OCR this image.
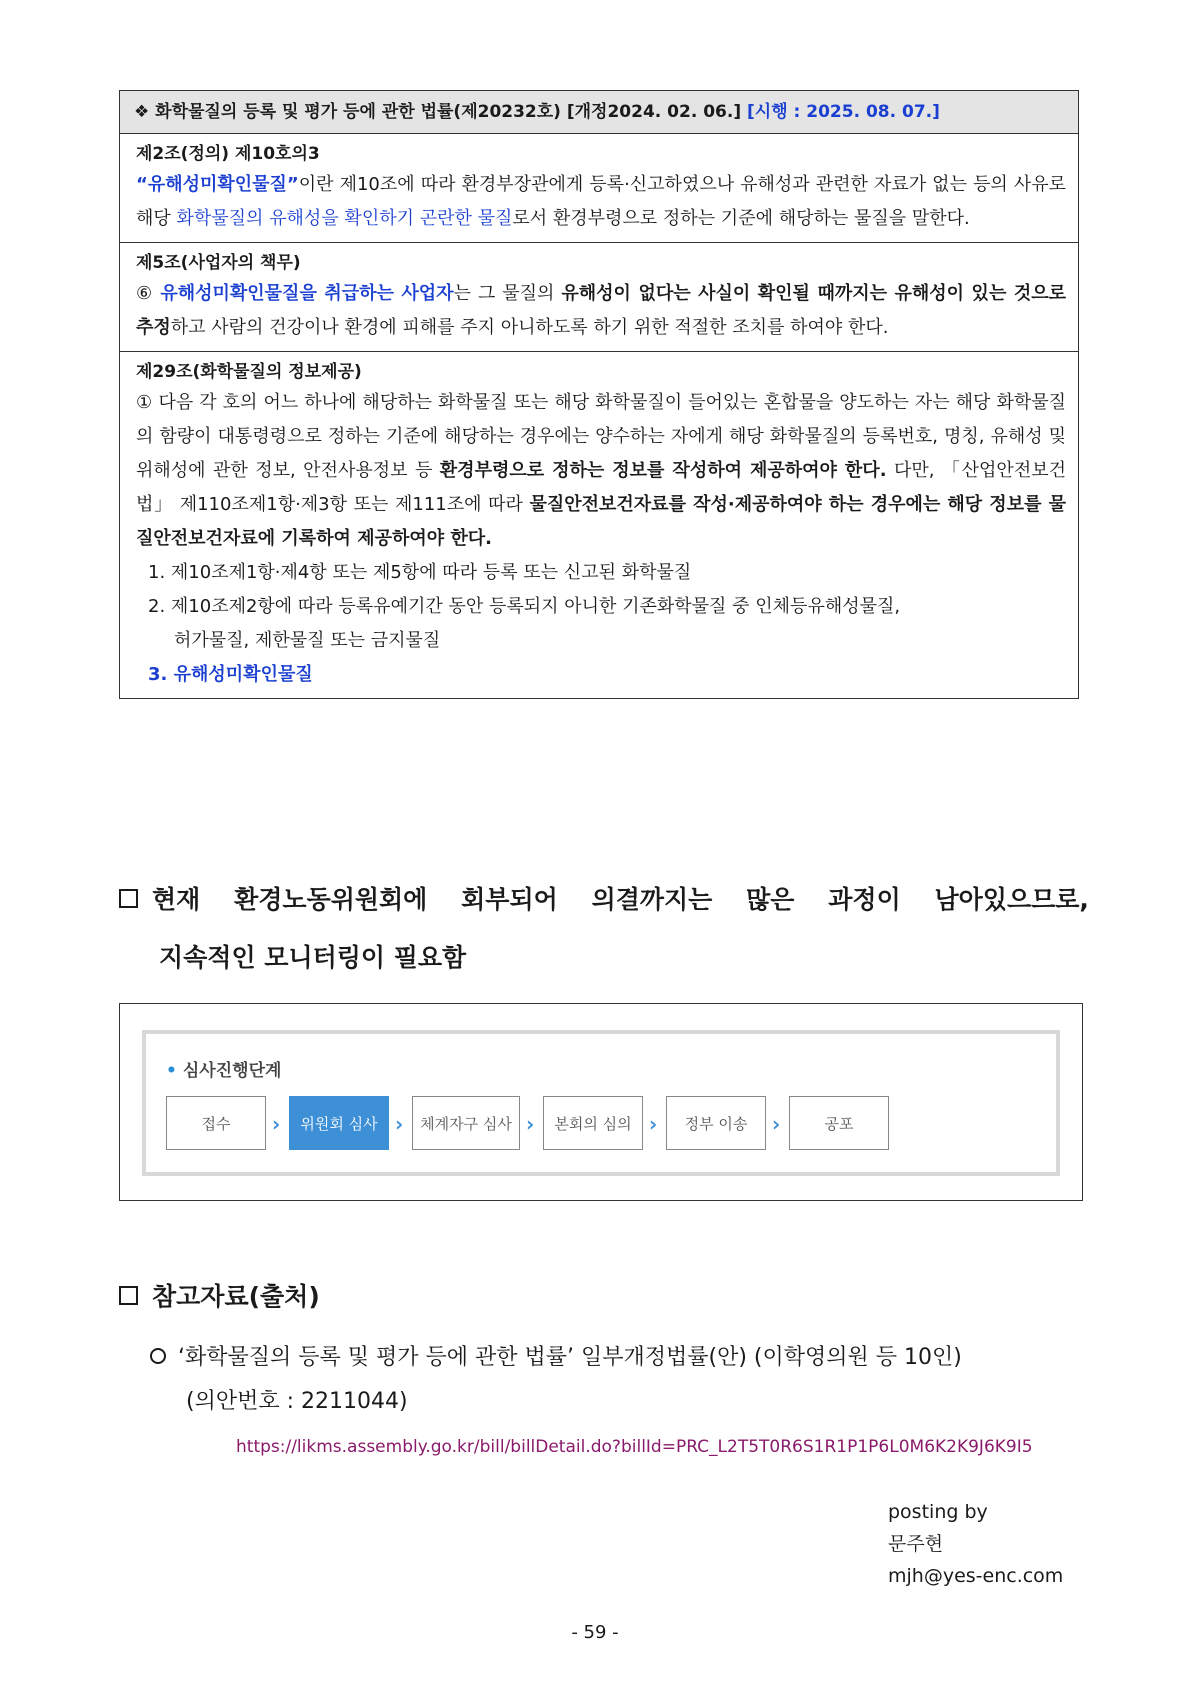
❖ 화학물질의 등록 및 평가 등에 관한 법률(제20232호) [개정2024. 02. 06.] [시행 : 2025. 08. 07.]
제2조(정의) 제10호의3
“유해성미확인물질”이란 제10조에 따라 환경부장관에게 등록·신고하였으나 유해성과 관련한 자료가 없는 등의 사유로 해당 화학물질의 유해성을 확인하기 곤란한 물질로서 환경부령으로 정하는 기준에 해당하는 물질을 말한다.
제5조(사업자의 책무)
⑥ 유해성미확인물질을 취급하는 사업자는 그 물질의 유해성이 없다는 사실이 확인될 때까지는 유해성이 있는 것으로 추정하고 사람의 건강이나 환경에 피해를 주지 아니하도록 하기 위한 적절한 조치를 하여야 한다.
제29조(화학물질의 정보제공)
① 다음 각 호의 어느 하나에 해당하는 화학물질 또는 해당 화학물질이 들어있는 혼합물을 양도하는 자는 해당 화학물질의 함량이 대통령령으로 정하는 기준에 해당하는 경우에는 양수하는 자에게 해당 화학물질의 등록번호, 명칭, 유해성 및 위해성에 관한 정보, 안전사용정보 등 환경부령으로 정하는 정보를 작성하여 제공하여야 한다. 다만, 「산업안전보건법」 제110조제1항·제3항 또는 제111조에 따라 물질안전보건자료를 작성·제공하여야 하는 경우에는 해당 정보를 물질안전보건자료에 기록하여 제공하여야 한다.
1. 제10조제1항·제4항 또는 제5항에 따라 등록 또는 신고된 화학물질
2. 제10조제2항에 따라 등록유예기간 동안 등록되지 아니한 기존화학물질 중 인체등유해성물질,
허가물질, 제한물질 또는 금지물질
3. 유해성미확인물질
현재 환경노동위원회에 회부되어 의결까지는 많은 과정이 남아있으므로,
지속적인 모니터링이 필요함
• 심사진행단계
접수	›	위원회 심사 ›	체계자구 심사 ›	본회의 심의 ›	정부 이송	›	공포
참고자료(출처)
‘화학물질의 등록 및 평가 등에 관한 법률’ 일부개정법률(안) (이학영의원 등 10인)
(의안번호 : 2211044)
https://likms.assembly.go.kr/bill/billDetail.do?billId=PRC_L2T5T0R6S1R1P1P6L0M6K2K9J6K9I5
posting by
문주현
mjh@yes-enc.com
- 59 -
